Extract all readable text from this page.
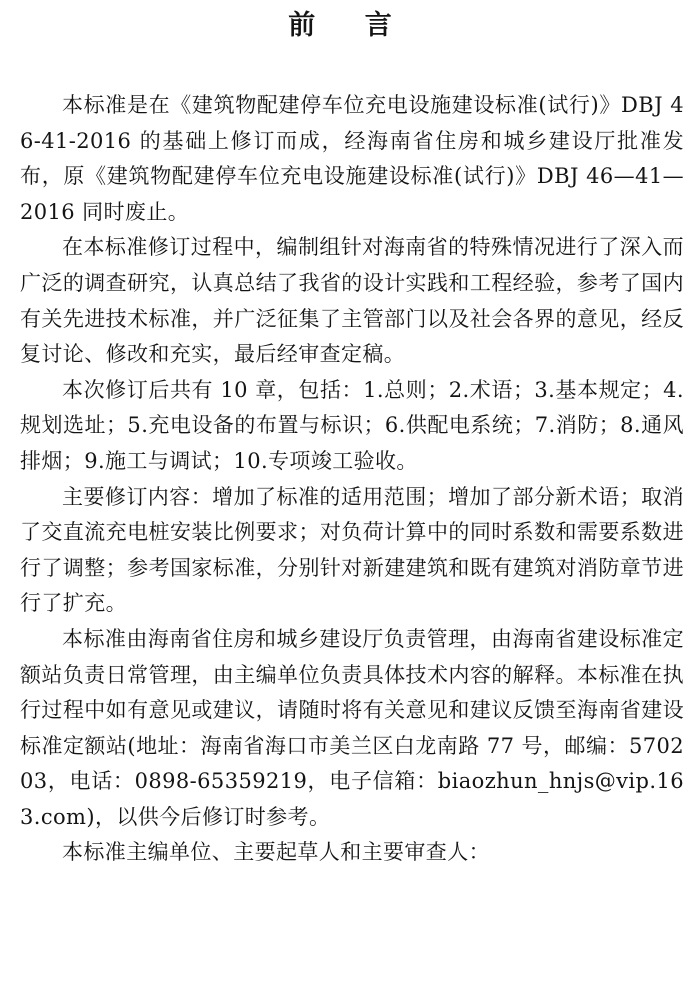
前 言

本标准是在《建筑物配建停车位充电设施建设标准(试行)》DBJ 46-41-2016 的基础上修订而成，经海南省住房和城乡建设厅批准发布，原《建筑物配建停车位充电设施建设标准(试行)》DBJ 46—41—2016 同时废止。

在本标准修订过程中，编制组针对海南省的特殊情况进行了深入而广泛的调查研究，认真总结了我省的设计实践和工程经验，参考了国内有关先进技术标准，并广泛征集了主管部门以及社会各界的意见，经反复讨论、修改和充实，最后经审查定稿。

本次修订后共有 10 章，包括：1.总则；2.术语；3.基本规定；4.规划选址；5.充电设备的布置与标识；6.供配电系统；7.消防；8.通风排烟；9.施工与调试；10.专项竣工验收。

主要修订内容：增加了标准的适用范围；增加了部分新术语；取消了交直流充电桩安装比例要求；对负荷计算中的同时系数和需要系数进行了调整；参考国家标准，分别针对新建建筑和既有建筑对消防章节进行了扩充。

本标准由海南省住房和城乡建设厅负责管理，由海南省建设标准定额站负责日常管理，由主编单位负责具体技术内容的解释。本标准在执行过程中如有意见或建议，请随时将有关意见和建议反馈至海南省建设标准定额站(地址：海南省海口市美兰区白龙南路 77 号，邮编：570203，电话：0898-65359219，电子信箱：biaozhun_hnjs@vip.163.com)，以供今后修订时参考。

本标准主编单位、主要起草人和主要审查人：
